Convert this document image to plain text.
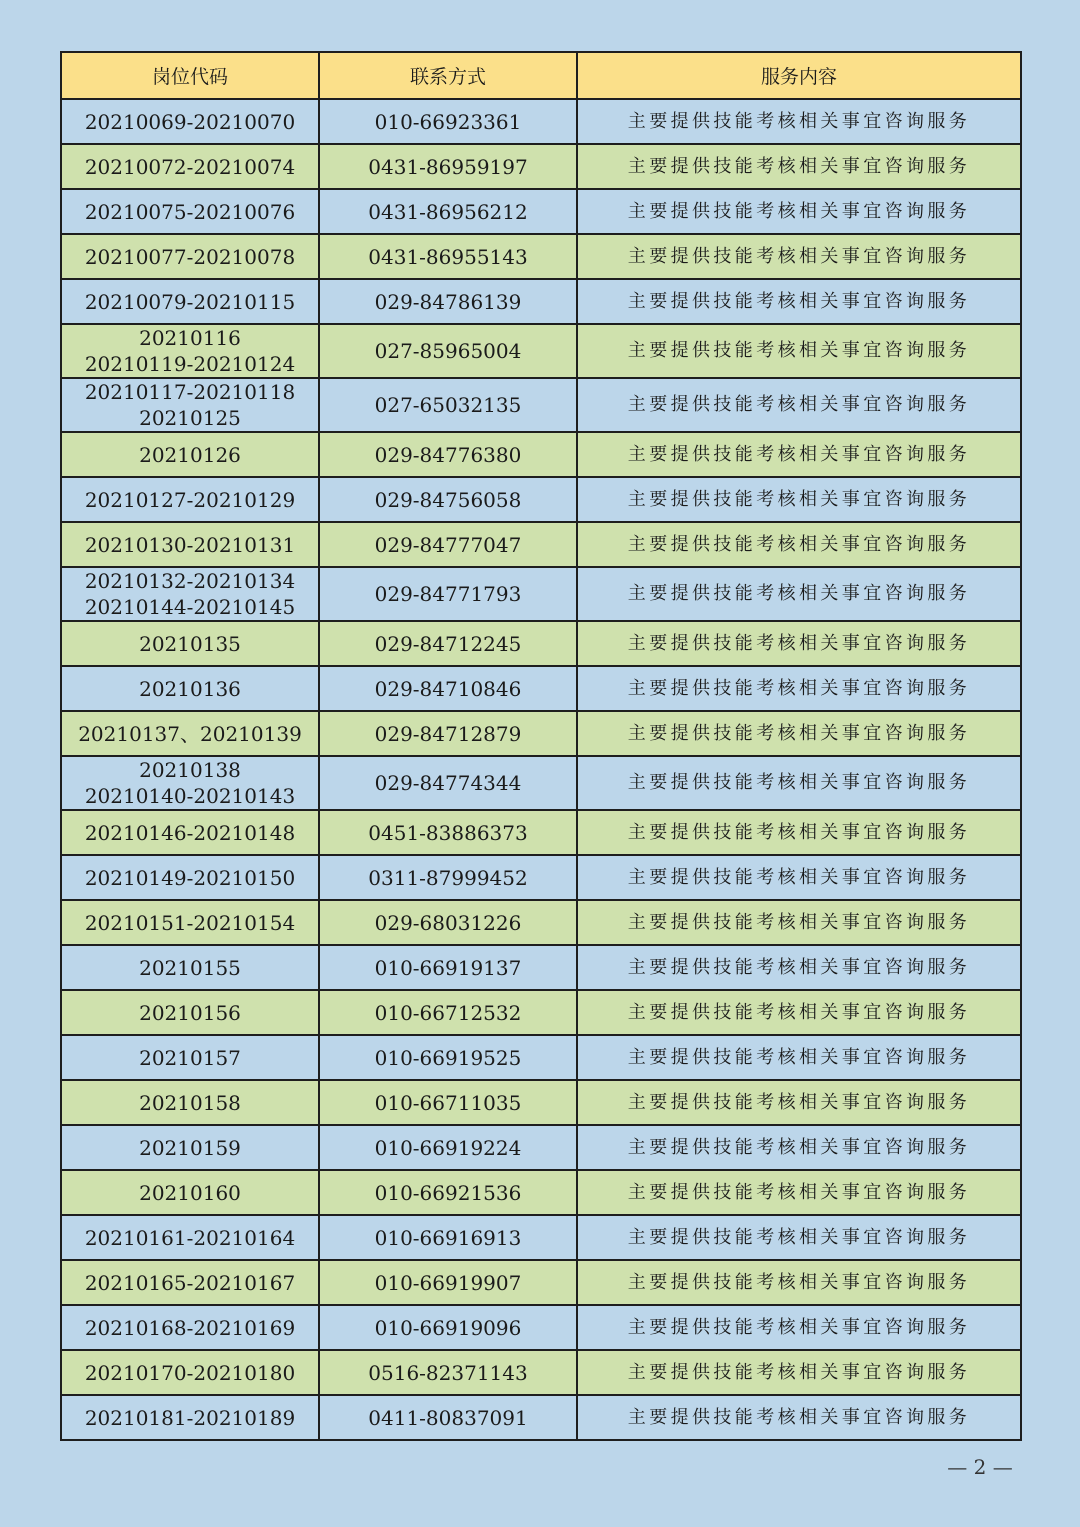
岗位代码	联系方式	服务内容

20210069-20210070	010-66923361	主要提供技能考核相关事宜咨询服务

20210072-20210074	0431-86959197	主要提供技能考核相关事宜咨询服务

20210075-20210076	0431-86956212	主要提供技能考核相关事宜咨询服务

20210077-20210078	0431-86955143	主要提供技能考核相关事宜咨询服务

20210079-20210115	029-84786139	主要提供技能考核相关事宜咨询服务

20210116
20210119-20210124	027-85965004	主要提供技能考核相关事宜咨询服务

20210117-20210118
20210125	027-65032135	主要提供技能考核相关事宜咨询服务

20210126	029-84776380	主要提供技能考核相关事宜咨询服务

20210127-20210129	029-84756058	主要提供技能考核相关事宜咨询服务

20210130-20210131	029-84777047	主要提供技能考核相关事宜咨询服务

20210132-20210134
20210144-20210145	029-84771793	主要提供技能考核相关事宜咨询服务

20210135	029-84712245	主要提供技能考核相关事宜咨询服务

20210136	029-84710846	主要提供技能考核相关事宜咨询服务

20210137、20210139	029-84712879	主要提供技能考核相关事宜咨询服务

20210138
20210140-20210143	029-84774344	主要提供技能考核相关事宜咨询服务

20210146-20210148	0451-83886373	主要提供技能考核相关事宜咨询服务

20210149-20210150	0311-87999452	主要提供技能考核相关事宜咨询服务

20210151-20210154	029-68031226	主要提供技能考核相关事宜咨询服务

20210155	010-66919137	主要提供技能考核相关事宜咨询服务

20210156	010-66712532	主要提供技能考核相关事宜咨询服务

20210157	010-66919525	主要提供技能考核相关事宜咨询服务

20210158	010-66711035	主要提供技能考核相关事宜咨询服务

20210159	010-66919224	主要提供技能考核相关事宜咨询服务

20210160	010-66921536	主要提供技能考核相关事宜咨询服务

20210161-20210164	010-66916913	主要提供技能考核相关事宜咨询服务

20210165-20210167	010-66919907	主要提供技能考核相关事宜咨询服务

20210168-20210169	010-66919096	主要提供技能考核相关事宜咨询服务

20210170-20210180	0516-82371143	主要提供技能考核相关事宜咨询服务

20210181-20210189	0411-80837091	主要提供技能考核相关事宜咨询服务
— 2 —
